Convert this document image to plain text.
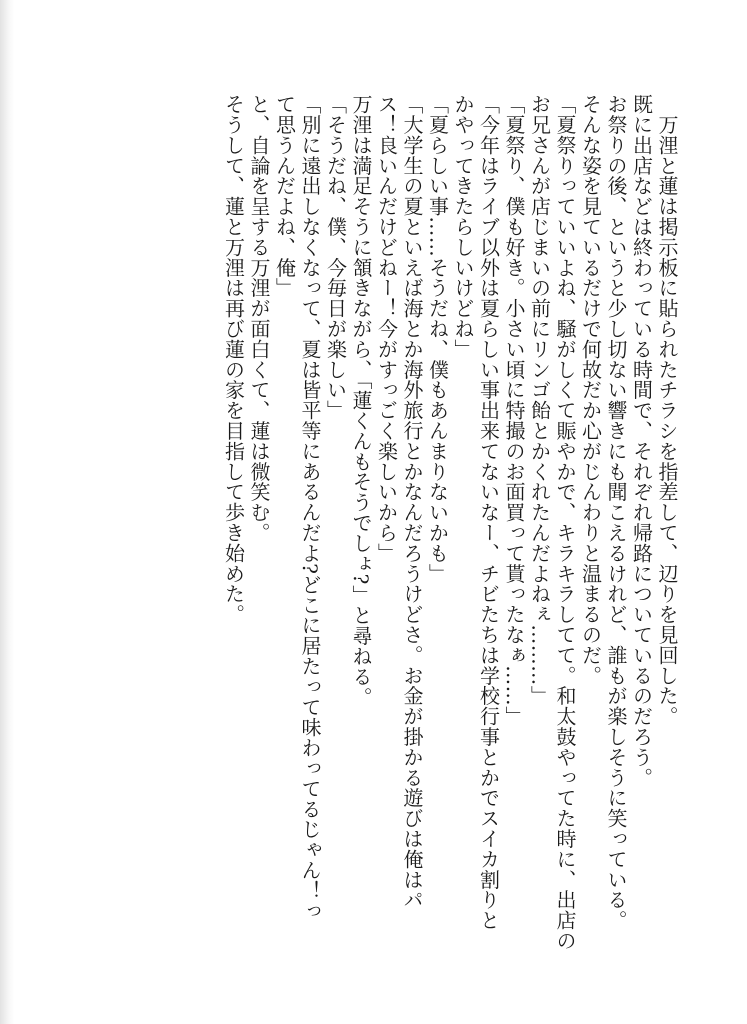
　万浬と蓮は掲示板に貼られたチラシを指差して、辺りを見回した。

既に出店などは終わっている時間で、それぞれ帰路についているのだろう。

お祭りの後、というと少し切ない響きにも聞こえるけれど、誰もが楽しそうに笑っている。

そんな姿を見ているだけで何故だか心がじんわりと温まるのだ。

「夏祭りっていいよね、騒がしくて賑やかで、キラキラしてて。和太鼓やってた時に、出店の

お兄さんが店じまいの前にリンゴ飴とかくれたんだよねぇ………」

「夏祭り、僕も好き。小さい頃に特撮のお面買って貰ったなぁ……」

「今年はライブ以外は夏らしい事出来てないなー、チビたちは学校行事とかでスイカ割りと

かやってきたらしいけどね」

「夏らしい事……そうだね、僕もあんまりないかも」

「大学生の夏といえば海とか海外旅行とかなんだろうけどさ。お金が掛かる遊びは俺はパ

ス！良いんだけどねー！今がすっごく楽しいから」

万浬は満足そうに頷きながら、「蓮くんもそうでしょ?」と尋ねる。

「そうだね、僕、今毎日が楽しい」

「別に遠出しなくなって、夏は皆平等にあるんだよ?どこに居たって味わってるじゃん！っ

て思うんだよね、俺」

と、自論を呈する万浬が面白くて、蓮は微笑む。

そうして、蓮と万浬は再び蓮の家を目指して歩き始めた。
